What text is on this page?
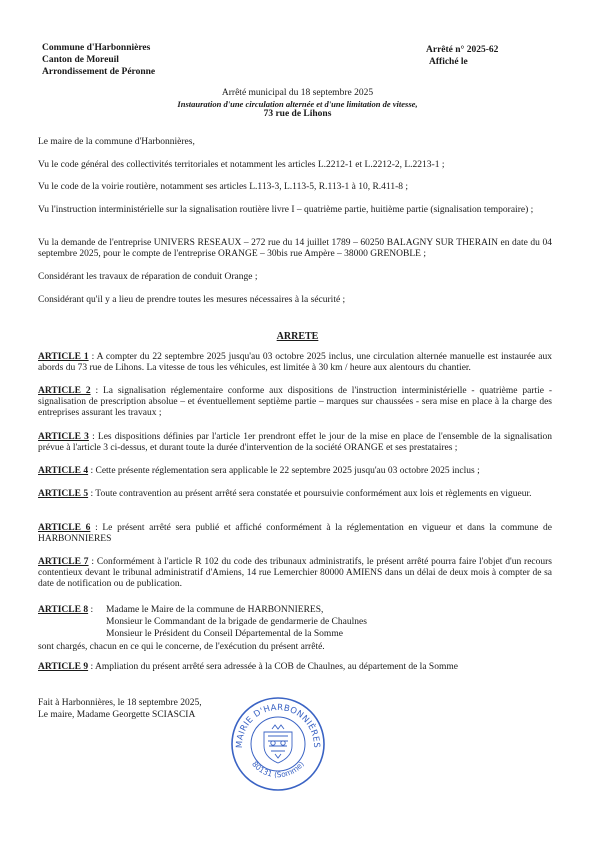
Commune d'Harbonnières
Canton de Moreuil
Arrondissement de Péronne
Arrêté n° 2025-62
Affiché le
Arrêté municipal du 18 septembre 2025
Instauration d'une circulation alternée et d'une limitation de vitesse,
73 rue de Lihons
Le maire de la commune d'Harbonnières,
Vu le code général des collectivités territoriales et notamment les articles L.2212-1 et L.2212-2, L.2213-1 ;
Vu le code de la voirie routière, notamment ses articles L.113-3, L.113-5, R.113-1 à 10, R.411-8 ;
Vu l'instruction interministérielle sur la signalisation routière livre I – quatrième partie, huitième partie (signalisation temporaire) ;
Vu la demande de l'entreprise UNIVERS RESEAUX – 272 rue du 14 juillet 1789 – 60250 BALAGNY SUR THERAIN en date du 04 septembre 2025, pour le compte de l'entreprise ORANGE – 30bis rue Ampère – 38000 GRENOBLE ;
Considérant les travaux de réparation de conduit Orange ;
Considérant qu'il y a lieu de prendre toutes les mesures nécessaires à la sécurité ;
ARRETE
ARTICLE 1 : A compter du 22 septembre 2025 jusqu'au 03 octobre 2025 inclus, une circulation alternée manuelle est instaurée aux abords du 73 rue de Lihons. La vitesse de tous les véhicules, est limitée à 30 km / heure aux alentours du chantier.
ARTICLE 2 : La signalisation réglementaire conforme aux dispositions de l'instruction interministérielle - quatrième partie - signalisation de prescription absolue – et éventuellement septième partie – marques sur chaussées - sera mise en place à la charge des entreprises assurant les travaux ;
ARTICLE 3 : Les dispositions définies par l'article 1er prendront effet le jour de la mise en place de l'ensemble de la signalisation prévue à l'article 3 ci-dessus, et durant toute la durée d'intervention de la société ORANGE et ses prestataires ;
ARTICLE 4 : Cette présente réglementation sera applicable le 22 septembre 2025 jusqu'au 03 octobre 2025 inclus ;
ARTICLE 5 : Toute contravention au présent arrêté sera constatée et poursuivie conformément aux lois et règlements en vigueur.
ARTICLE 6 : Le présent arrêté sera publié et affiché conformément à la réglementation en vigueur et dans la commune de HARBONNIERES
ARTICLE 7 : Conformément à l'article R 102 du code des tribunaux administratifs, le présent arrêté pourra faire l'objet d'un recours contentieux devant le tribunal administratif d'Amiens, 14 rue Lemerchier 80000 AMIENS dans un délai de deux mois à compter de sa date de notification ou de publication.
ARTICLE 8 : Madame le Maire de la commune de HARBONNIERES,
Monsieur le Commandant de la brigade de gendarmerie de Chaulnes
Monsieur le Président du Conseil Départemental de la Somme
sont chargés, chacun en ce qui le concerne, de l'exécution du présent arrêté.
ARTICLE 9 : Ampliation du présent arrêté sera adressée à la COB de Chaulnes, au département de la Somme
Fait à Harbonnières, le 18 septembre 2025,
Le maire, Madame Georgette SCIASCIA
MAIRIE D'HARBONNIÈRES
80131 (Somme)
